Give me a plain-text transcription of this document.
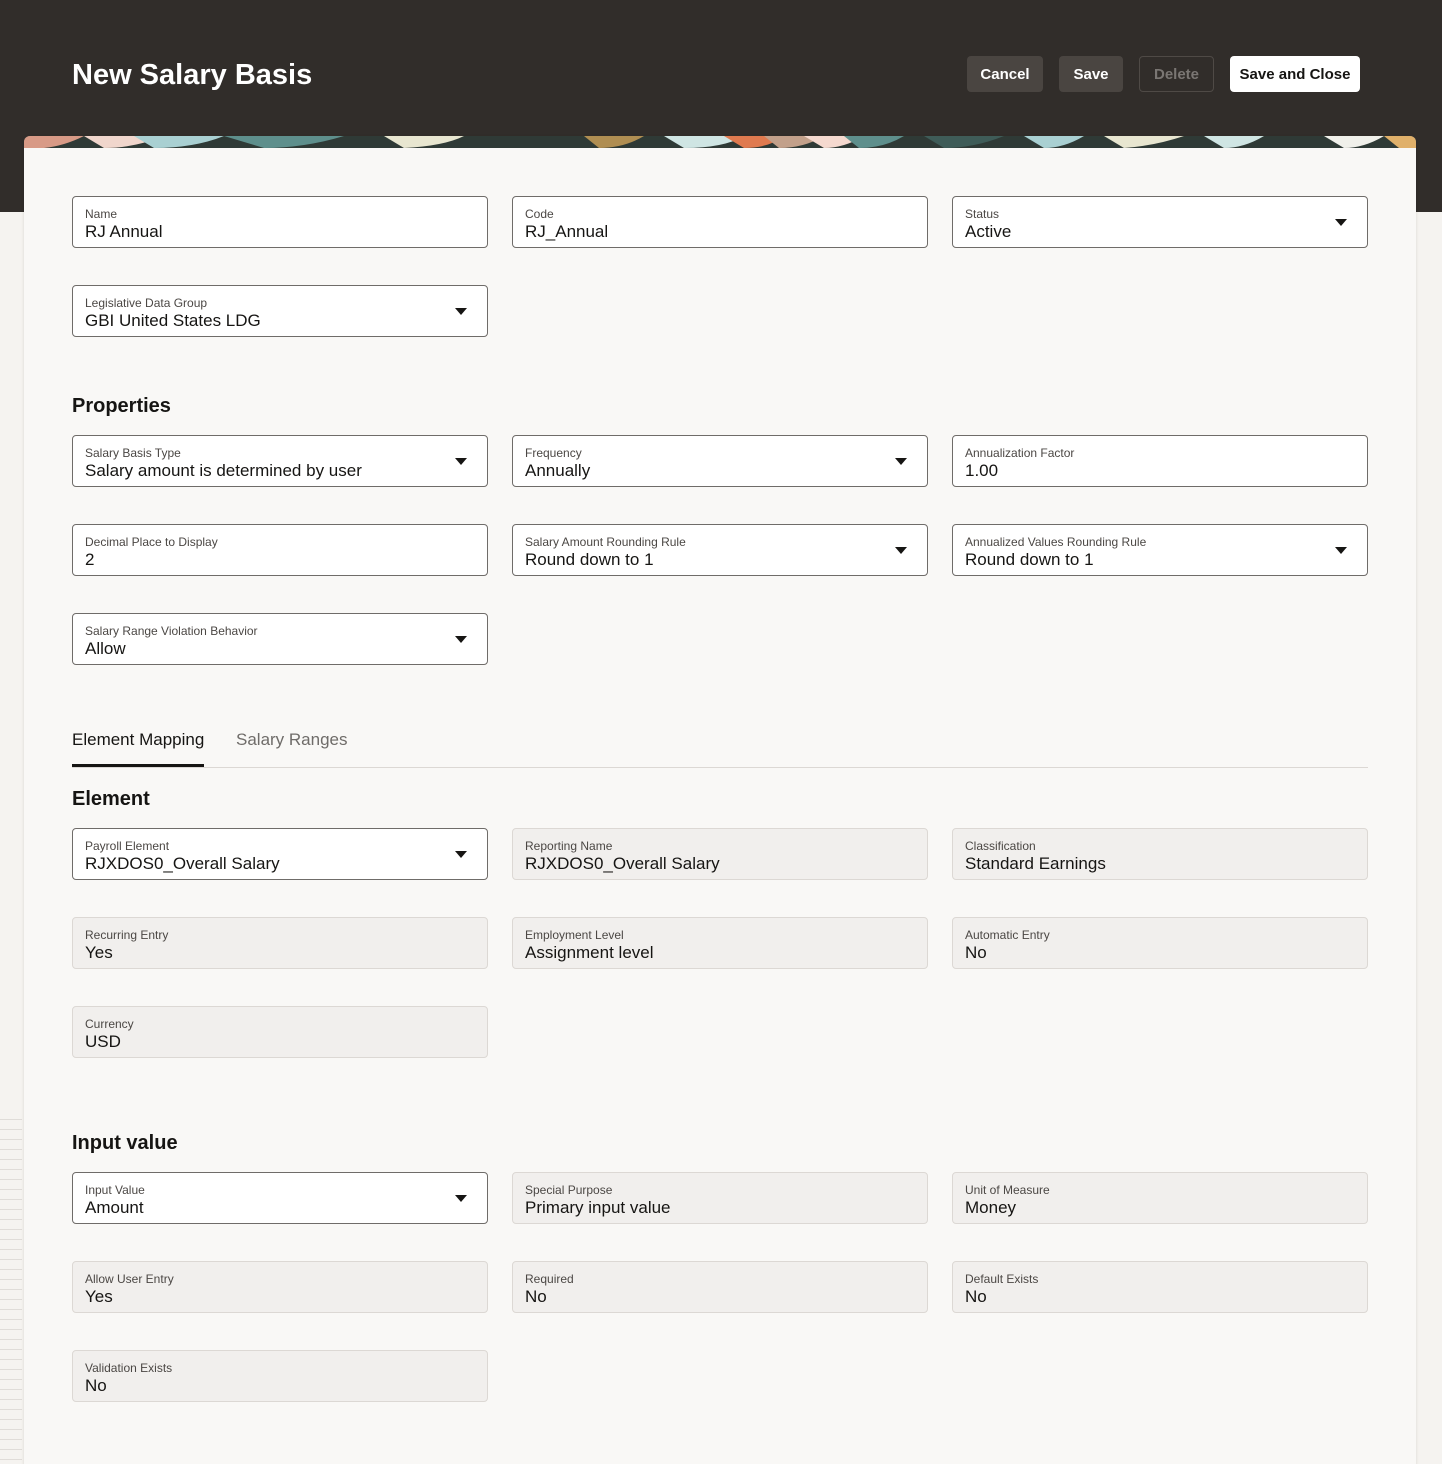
New Salary Basis	Cancel	Save	Delete	Save and Close
Name
RJ Annual
Code
RJ_Annual
Status
Active
Legislative Data Group
GBI United States LDG
Properties
Salary Basis Type
Salary amount is determined by user
Frequency
Annually
Annualization Factor
1.00
Decimal Place to Display
2
Salary Amount Rounding Rule
Round down to 1
Annualized Values Rounding Rule
Round down to 1
Salary Range Violation Behavior
Allow
Element Mapping Salary Ranges
Element
Payroll Element
RJXDOS0_Overall Salary
Reporting Name
RJXDOS0_Overall Salary
Classification
Standard Earnings
Recurring Entry
Yes
Employment Level
Assignment level
Automatic Entry
No
Currency
USD
Input value
Input Value
Amount
Special Purpose
Primary input value
Unit of Measure
Money
Allow User Entry
Yes
Required
No
Default Exists
No
Validation Exists
No
